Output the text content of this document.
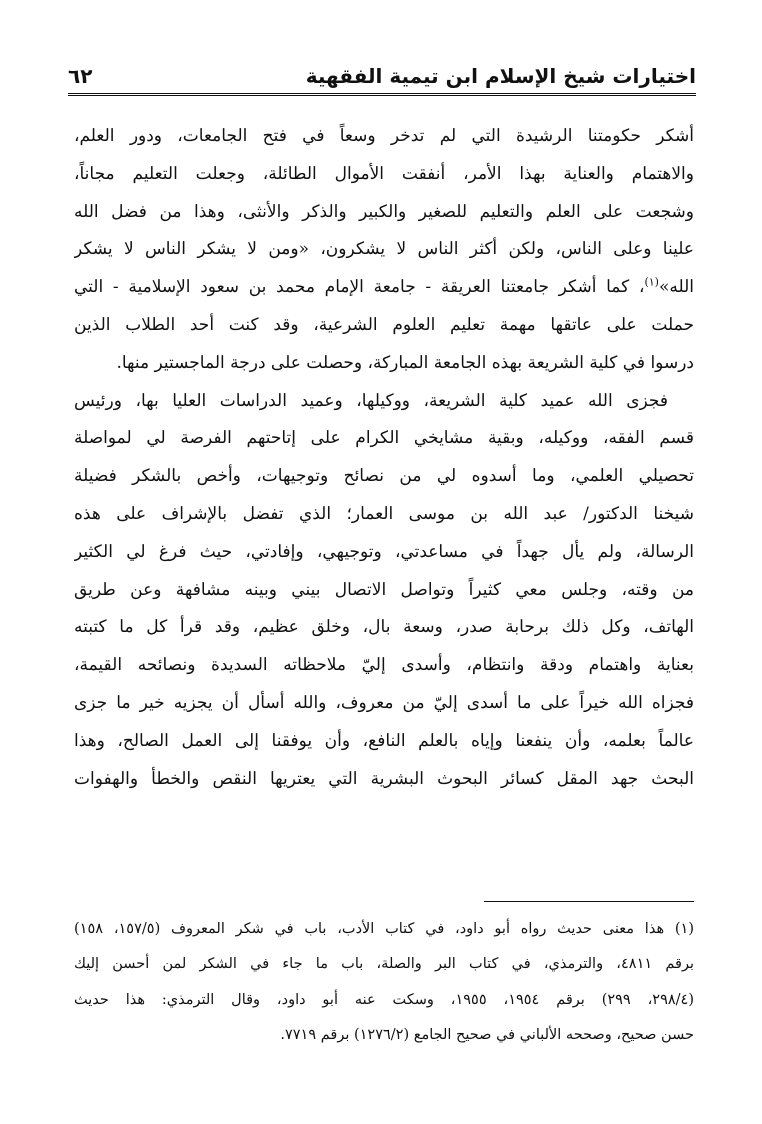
اختيارات شيخ الإسلام ابن تيمية الفقهية
٦٢
أشكر حكومتنا الرشيدة التي لم تدخر وسعاً في فتح الجامعات، ودور العلم،
والاهتمام والعناية بهذا الأمر، أنفقت الأموال الطائلة، وجعلت التعليم مجاناً،
وشجعت على العلم والتعليم للصغير والكبير والذكر والأنثى، وهذا من فضل الله
علينا وعلى الناس، ولكن أكثر الناس لا يشكرون، «ومن لا يشكر الناس لا يشكر
الله»$^{(١)}$، كما أشكر جامعتنا العريقة - جامعة الإمام محمد بن سعود الإسلامية - التي
حملت على عاتقها مهمة تعليم العلوم الشرعية، وقد كنت أحد الطلاب الذين
درسوا في كلية الشريعة بهذه الجامعة المباركة، وحصلت على درجة الماجستير منها.
فجزى الله عميد كلية الشريعة، ووكيلها، وعميد الدراسات العليا بها، ورئيس
قسم الفقه، ووكيله، وبقية مشايخي الكرام على إتاحتهم الفرصة لي لمواصلة
تحصيلي العلمي، وما أسدوه لي من نصائح وتوجيهات، وأخص بالشكر فضيلة
شيخنا الدكتور/ عبد الله بن موسى العمار؛ الذي تفضل بالإشراف على هذه
الرسالة، ولم يأل جهداً في مساعدتي، وتوجيهي، وإفادتي، حيث فرغ لي الكثير
من وقته، وجلس معي كثيراً وتواصل الاتصال بيني وبينه مشافهة وعن طريق
الهاتف، وكل ذلك برحابة صدر، وسعة بال، وخلق عظيم، وقد قرأ كل ما كتبته
بعناية واهتمام ودقة وانتظام، وأسدى إليّ ملاحظاته السديدة ونصائحه القيمة،
فجزاه الله خيراً على ما أسدى إليّ من معروف، والله أسأل أن يجزيه خير ما جزى
عالماً بعلمه، وأن ينفعنا وإياه بالعلم النافع، وأن يوفقنا إلى العمل الصالح، وهذا
البحث جهد المقل كسائر البحوث البشرية التي يعتريها النقص والخطأ والهفوات
(١) هذا معنى حديث رواه أبو داود، في كتاب الأدب، باب في شكر المعروف (١٥٧/٥، ١٥٨)
برقم ٤٨١١، والترمذي، في كتاب البر والصلة، باب ما جاء في الشكر لمن أحسن إليك
(٢٩٨/٤، ٢٩٩) برقم ١٩٥٤، ١٩٥٥، وسكت عنه أبو داود، وقال الترمذي: هذا حديث
حسن صحيح، وصححه الألباني في صحيح الجامع (١٢٧٦/٢) برقم ٧٧١٩.
